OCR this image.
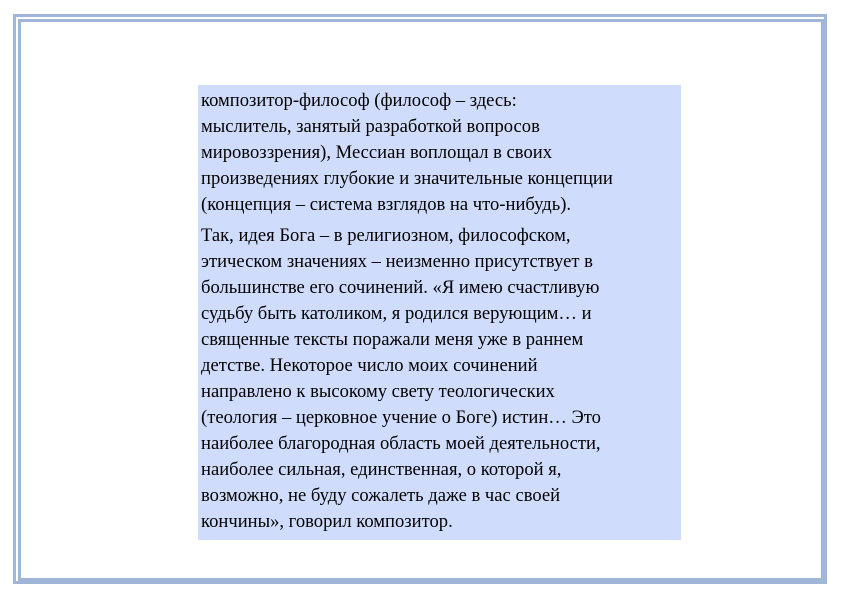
композитор-философ (философ – здесь:
мыслитель, занятый разработкой вопросов
мировоззрения), Мессиан воплощал в своих
произведениях глубокие и значительные концепции
(концепция – система взглядов на что-нибудь).

Так, идея Бога – в религиозном, философском,
этическом значениях – неизменно присутствует в
большинстве его сочинений. «Я имею счастливую
судьбу быть католиком, я родился верующим… и
священные тексты поражали меня уже в раннем
детстве. Некоторое число моих сочинений
направлено к высокому свету теологических
(теология – церковное учение о Боге) истин… Это
наиболее благородная область моей деятельности,
наиболее сильная, единственная, о которой я,
возможно, не буду сожалеть даже в час своей
кончины», говорил композитор.
